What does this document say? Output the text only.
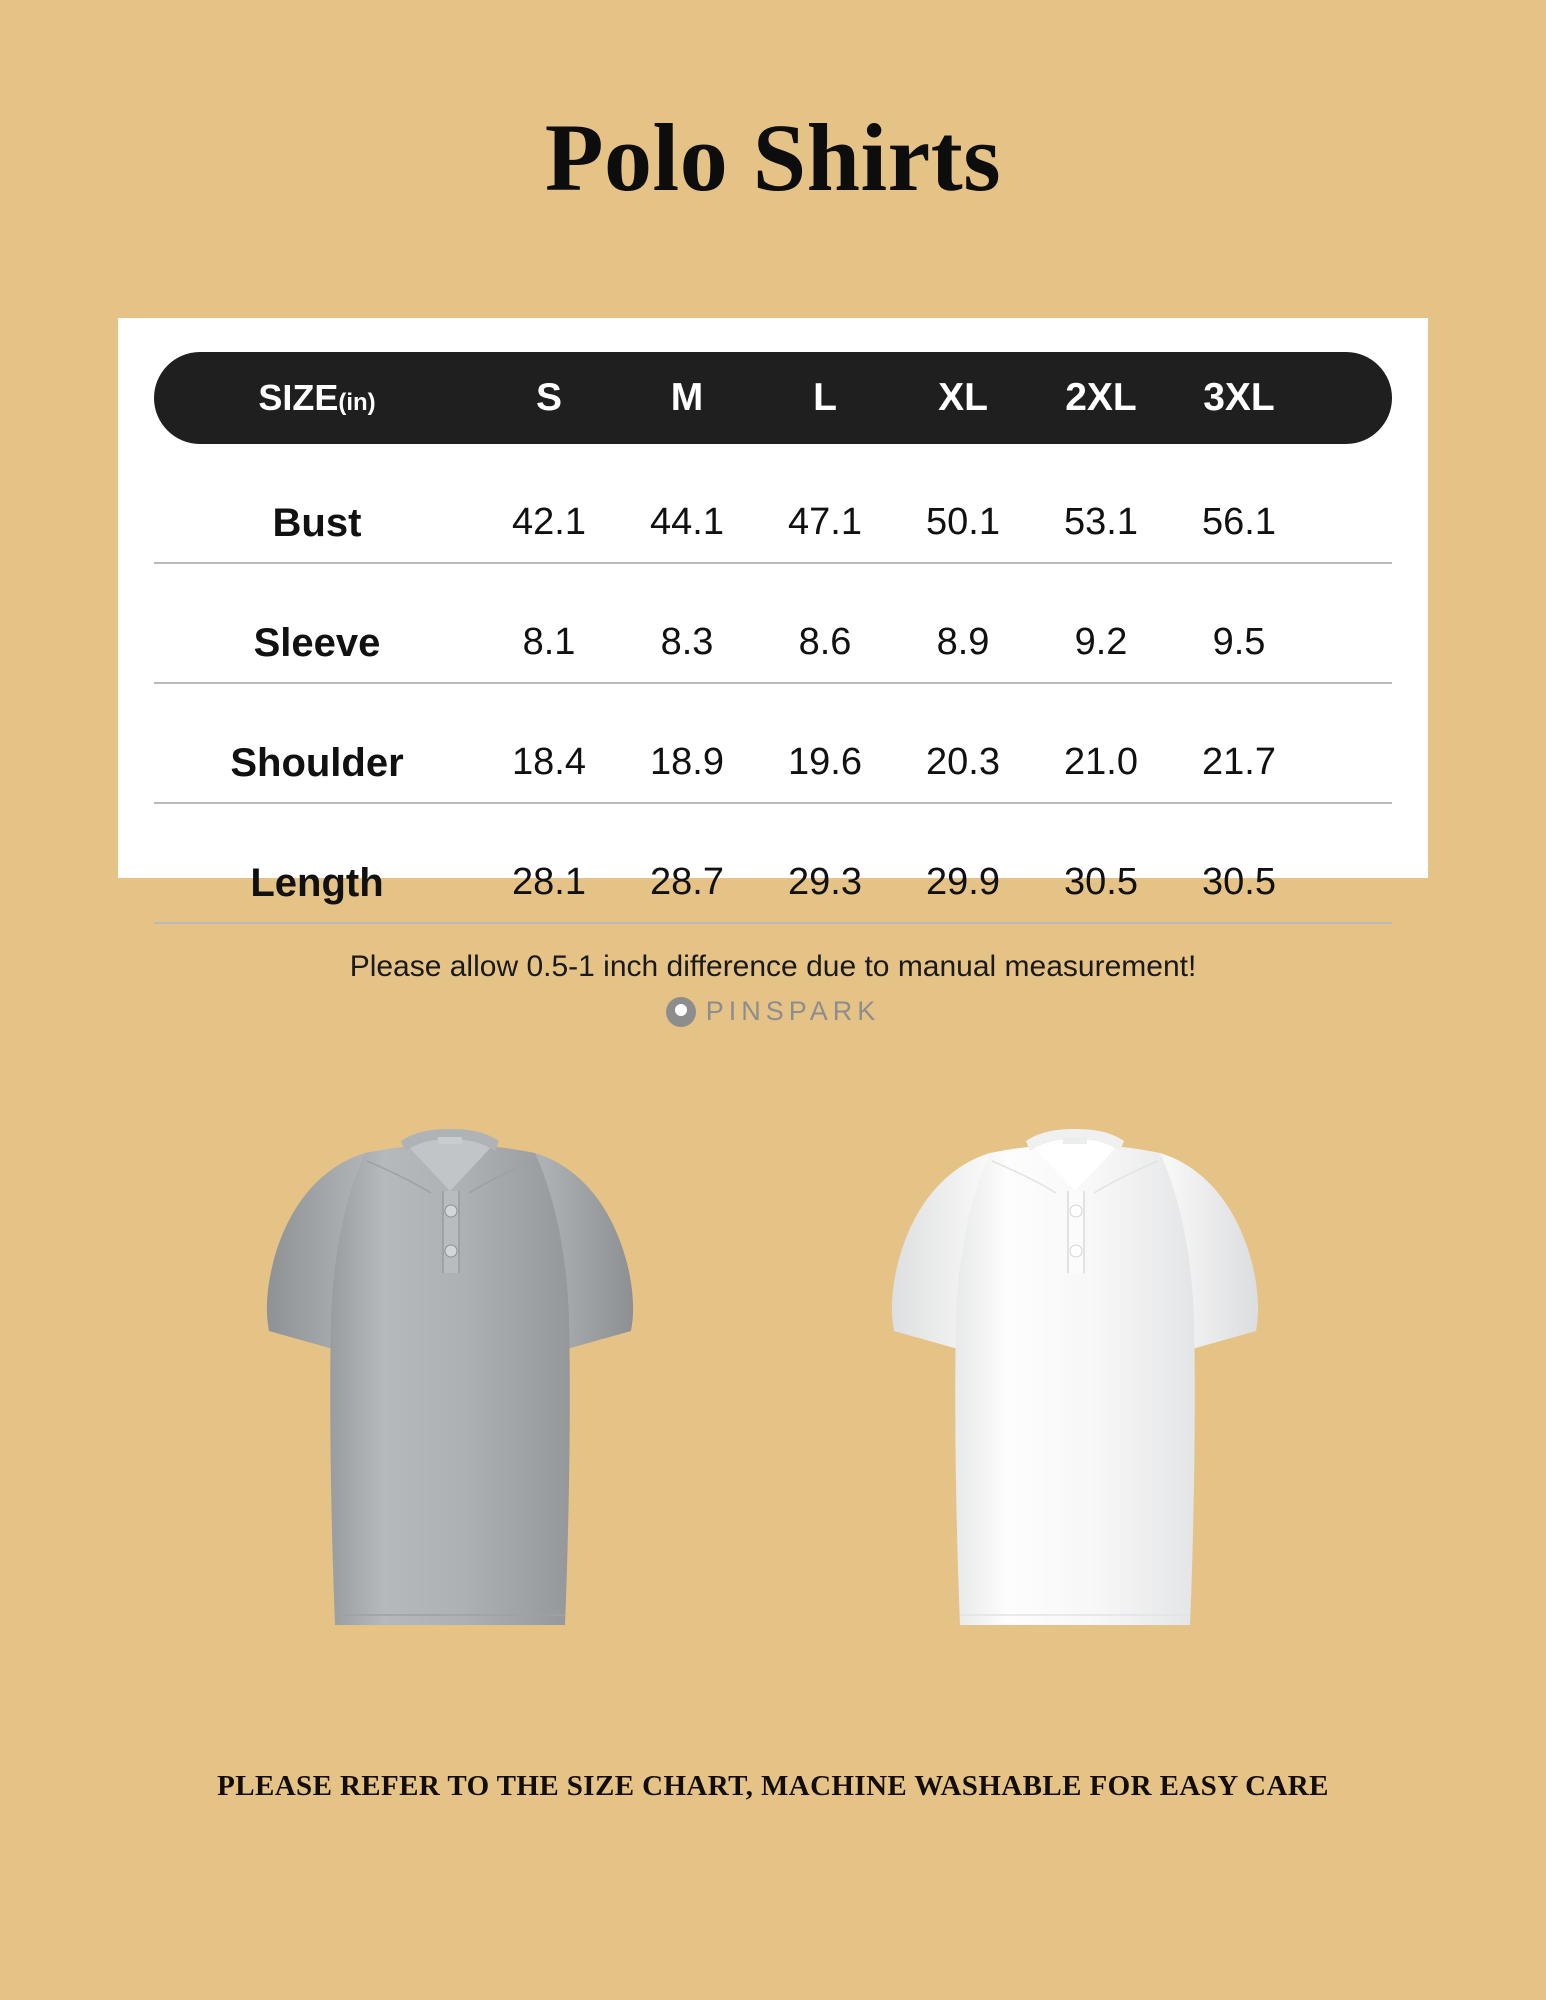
Polo Shirts
SIZE(in)	S	M	L	XL	2XL	3XL
Bust	42.1	44.1	47.1	50.1	53.1	56.1
Sleeve	8.1	8.3	8.6	8.9	9.2	9.5
Shoulder	18.4	18.9	19.6	20.3	21.0	21.7
Length	28.1	28.7	29.3	29.9	30.5	30.5
Please allow 0.5-1 inch difference due to manual measurement!
PINSPARK
PLEASE REFER TO THE SIZE CHART, MACHINE WASHABLE FOR EASY CARE
